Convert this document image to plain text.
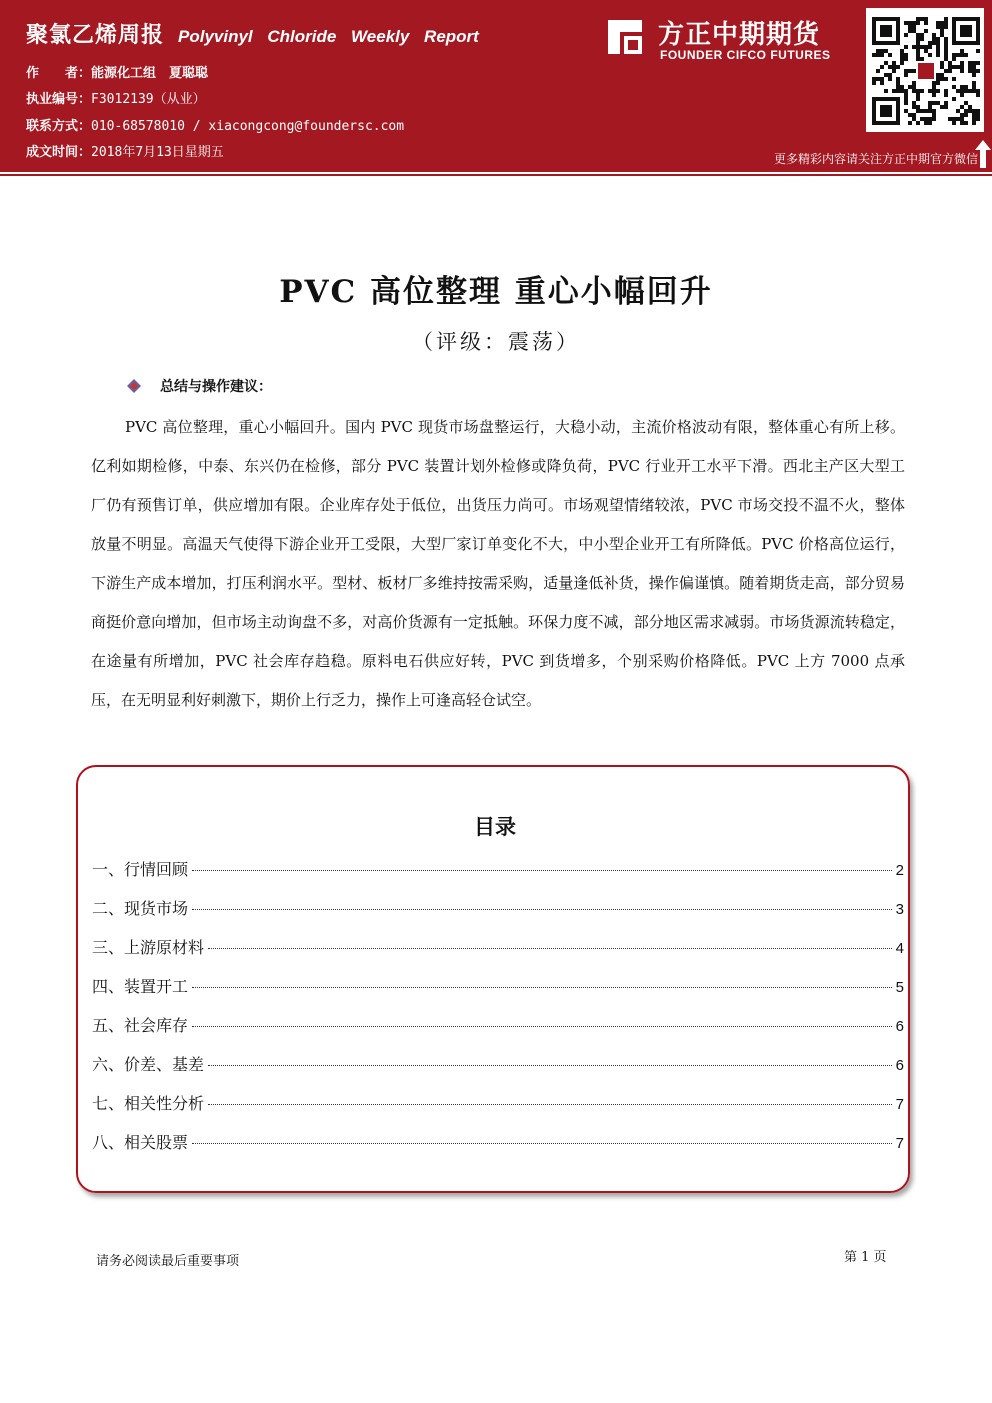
聚氯乙烯周报 Polyvinyl Chloride Weekly Report
作　　者：能源化工组　夏聪聪
执业编号：F3012139（从业）
联系方式：010-68578010 / xiacongcong@foundersc.com
成文时间：2018年7月13日星期五
方正中期期货
FOUNDER CIFCO FUTURES
更多精彩内容请关注方正中期官方微信
PVC 高位整理 重心小幅回升
（评级：震荡）
总结与操作建议：

PVC 高位整理，重心小幅回升。国内 PVC 现货市场盘整运行，大稳小动，主流价格波动有限，整体重心有所上移。亿利如期检修，中泰、东兴仍在检修，部分 PVC 装置计划外检修或降负荷，PVC 行业开工水平下滑。西北主产区大型工厂仍有预售订单，供应增加有限。企业库存处于低位，出货压力尚可。市场观望情绪较浓，PVC 市场交投不温不火，整体放量不明显。高温天气使得下游企业开工受限，大型厂家订单变化不大，中小型企业开工有所降低。PVC 价格高位运行，下游生产成本增加，打压利润水平。型材、板材厂多维持按需采购，适量逢低补货，操作偏谨慎。随着期货走高，部分贸易商挺价意向增加，但市场主动询盘不多，对高价货源有一定抵触。环保力度不减，部分地区需求减弱。市场货源流转稳定，在途量有所增加，PVC 社会库存趋稳。原料电石供应好转，PVC 到货增多，个别采购价格降低。PVC 上方 7000 点承压，在无明显利好刺激下，期价上行乏力，操作上可逢高轻仓试空。

目录
一、行情回顾	2
二、现货市场	3
三、上游原材料	4
四、装置开工	5
五、社会库存	6
六、价差、基差	6
七、相关性分析	7
八、相关股票	7
请务必阅读最后重要事项	第 1 页
